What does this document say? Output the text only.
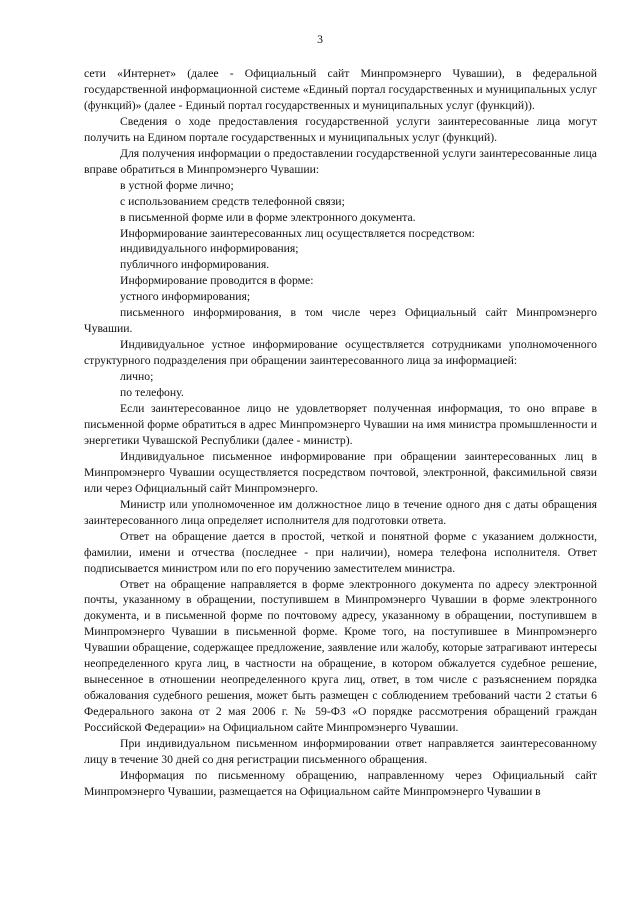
3

сети «Интернет» (далее - Официальный сайт Минпромэнерго Чувашии), в федеральной государственной информационной системе «Единый портал государственных и муниципальных услуг (функций)» (далее - Единый портал государственных и муниципальных услуг (функций)).

Сведения о ходе предоставления государственной услуги заинтересованные лица могут получить на Едином портале государственных и муниципальных услуг (функций).

Для получения информации о предоставлении государственной услуги заинтересованные лица вправе обратиться в Минпромэнерго Чувашии:

в устной форме лично;

с использованием средств телефонной связи;

в письменной форме или в форме электронного документа.

Информирование заинтересованных лиц осуществляется посредством:

индивидуального информирования;

публичного информирования.

Информирование проводится в форме:

устного информирования;

письменного информирования, в том числе через Официальный сайт Минпромэнерго Чувашии.

Индивидуальное устное информирование осуществляется сотрудниками уполномоченного структурного подразделения при обращении заинтересованного лица за информацией:

лично;

по телефону.

Если заинтересованное лицо не удовлетворяет полученная информация, то оно вправе в письменной форме обратиться в адрес Минпромэнерго Чувашии на имя министра промышленности и энергетики Чувашской Республики (далее - министр).

Индивидуальное письменное информирование при обращении заинтересованных лиц в Минпромэнерго Чувашии осуществляется посредством почтовой, электронной, факсимильной связи или через Официальный сайт Минпромэнерго.

Министр или уполномоченное им должностное лицо в течение одного дня с даты обращения заинтересованного лица определяет исполнителя для подготовки ответа.

Ответ на обращение дается в простой, четкой и понятной форме с указанием должности, фамилии, имени и отчества (последнее - при наличии), номера телефона исполнителя. Ответ подписывается министром или по его поручению заместителем министра.

Ответ на обращение направляется в форме электронного документа по адресу электронной почты, указанному в обращении, поступившем в Минпромэнерго Чувашии в форме электронного документа, и в письменной форме по почтовому адресу, указанному в обращении, поступившем в Минпромэнерго Чувашии в письменной форме. Кроме того, на поступившее в Минпромэнерго Чувашии обращение, содержащее предложение, заявление или жалобу, которые затрагивают интересы неопределенного круга лиц, в частности на обращение, в котором обжалуется судебное решение, вынесенное в отношении неопределенного круга лиц, ответ, в том числе с разъяснением порядка обжалования судебного решения, может быть размещен с соблюдением требований части 2 статьи 6 Федерального закона от 2 мая 2006 г. № 59-ФЗ «О порядке рассмотрения обращений граждан Российской Федерации» на Официальном сайте Минпромэнерго Чувашии.

При индивидуальном письменном информировании ответ направляется заинтересованному лицу в течение 30 дней со дня регистрации письменного обращения.

Информация по письменному обращению, направленному через Официальный сайт Минпромэнерго Чувашии, размещается на Официальном сайте Минпромэнерго Чувашии в
